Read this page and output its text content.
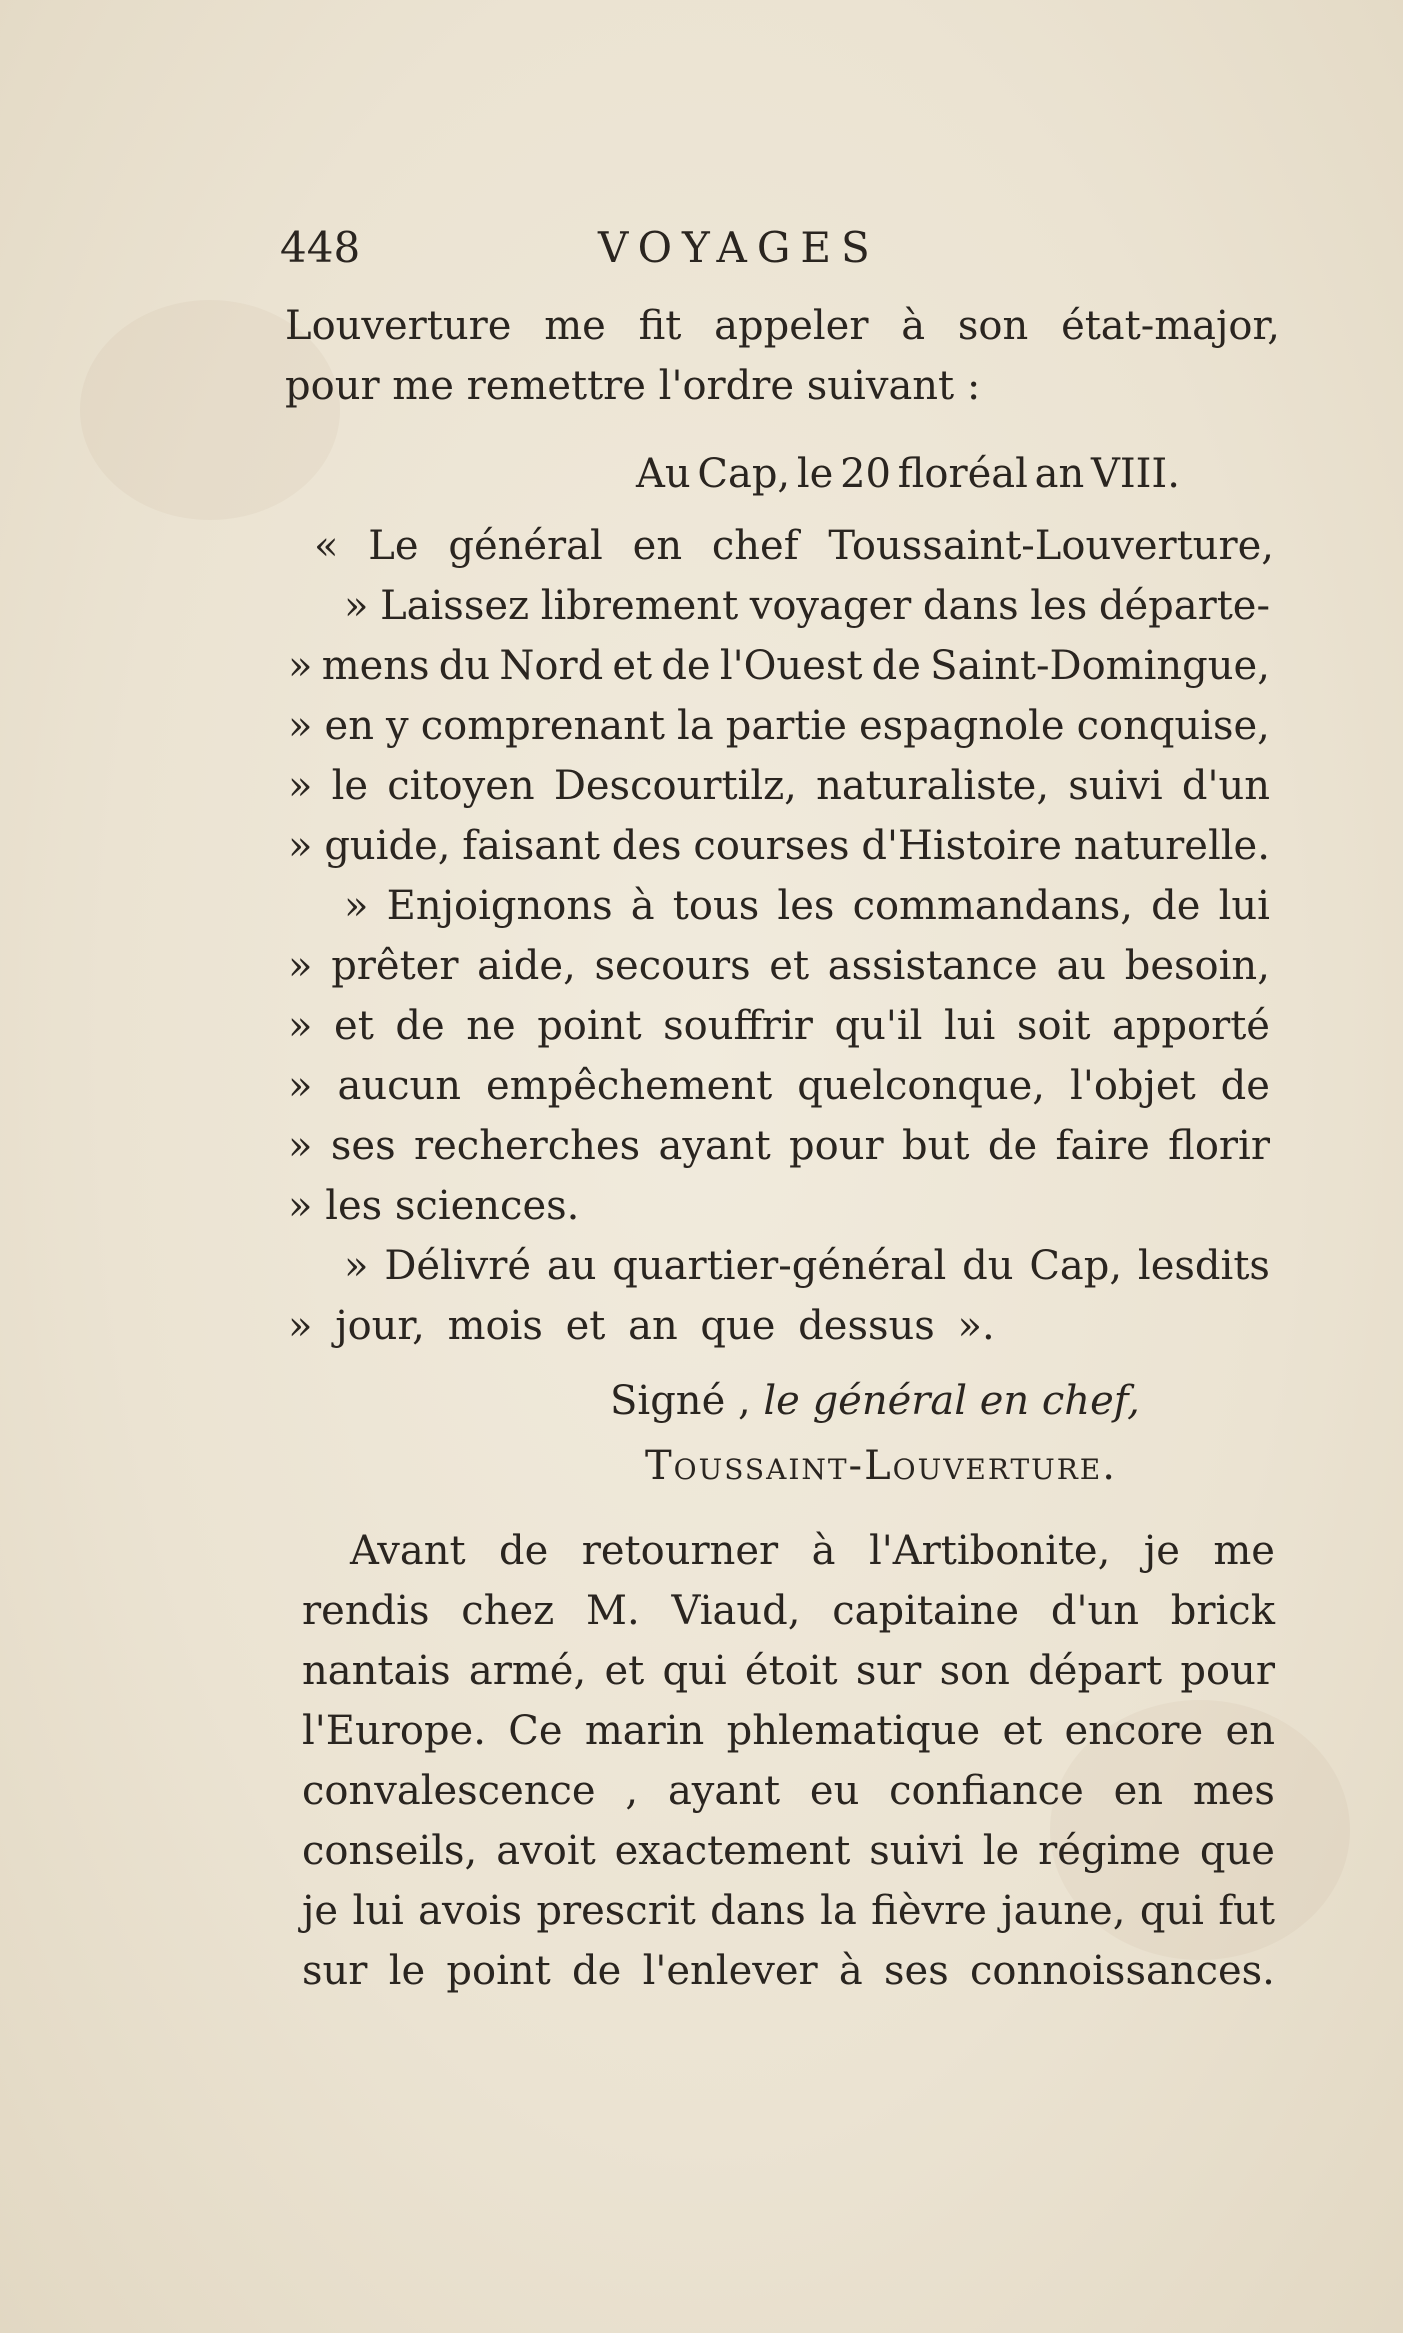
448	VOYAGES
Louverture me fit appeler à son état-major,
pour me remettre l'ordre suivant :
Au Cap, le 20 floréal an VIII.
« Le général en chef Toussaint-Louverture,
» Laissez librement voyager dans les départe-
» mens du Nord et de l'Ouest de Saint-Domingue,
» en y comprenant la partie espagnole conquise,
» le citoyen Descourtilz, naturaliste, suivi d'un
» guide, faisant des courses d'Histoire naturelle.
» Enjoignons à tous les commandans, de lui
» prêter aide, secours et assistance au besoin,
» et de ne point souffrir qu'il lui soit apporté
» aucun empêchement quelconque, l'objet de
» ses recherches ayant pour but de faire florir
» les sciences.
» Délivré au quartier-général du Cap, lesdits
» jour, mois et an que dessus ».
Signé , le général en chef,
Toussaint-Louverture.
Avant de retourner à l'Artibonite, je me
rendis chez M. Viaud, capitaine d'un brick
nantais armé, et qui étoit sur son départ pour
l'Europe. Ce marin phlematique et encore en
convalescence , ayant eu confiance en mes
conseils, avoit exactement suivi le régime que
je lui avois prescrit dans la fièvre jaune, qui fut
sur le point de l'enlever à ses connoissances.
